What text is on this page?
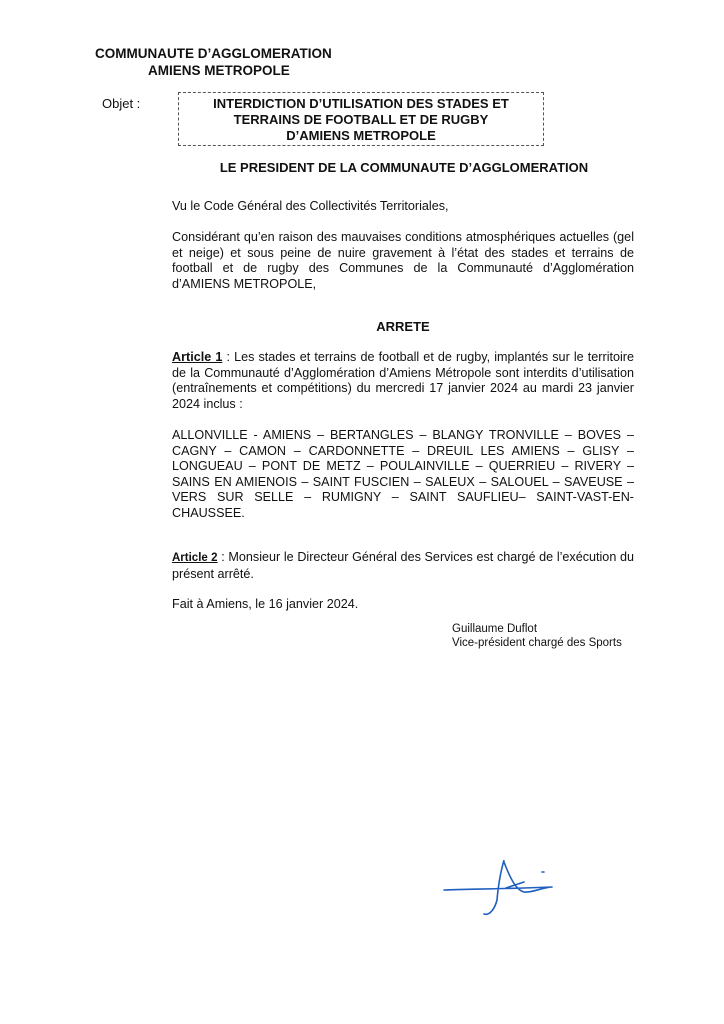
COMMUNAUTE D’AGGLOMERATION
AMIENS METROPOLE
Objet :	INTERDICTION D’UTILISATION DES STADES ET
TERRAINS DE FOOTBALL ET DE RUGBY
D’AMIENS METROPOLE
LE PRESIDENT DE LA COMMUNAUTE D’AGGLOMERATION
Vu le Code Général des Collectivités Territoriales,
Considérant qu’en raison des mauvaises conditions atmosphériques actuelles (gel et neige) et sous peine de nuire gravement à l’état des stades et terrains de football et de rugby des Communes de la Communauté d’Agglomération d’AMIENS METROPOLE,
ARRETE
Article 1 : Les stades et terrains de football et de rugby, implantés sur le territoire de la Communauté d’Agglomération d’Amiens Métropole sont interdits d’utilisation (entraînements et compétitions) du mercredi 17 janvier 2024 au mardi 23 janvier 2024 inclus :
ALLONVILLE - AMIENS – BERTANGLES – BLANGY TRONVILLE – BOVES – CAGNY – CAMON – CARDONNETTE – DREUIL LES AMIENS – GLISY – LONGUEAU – PONT DE METZ – POULAINVILLE – QUERRIEU – RIVERY – SAINS EN AMIENOIS – SAINT FUSCIEN – SALEUX – SALOUEL – SAVEUSE – VERS SUR SELLE – RUMIGNY – SAINT SAUFLIEU– SAINT-VAST-EN-CHAUSSEE.
Article 2 : Monsieur le Directeur Général des Services est chargé de l’exécution du présent arrêté.
Fait à Amiens, le 16 janvier 2024.
Guillaume Duflot
Vice-président chargé des Sports
